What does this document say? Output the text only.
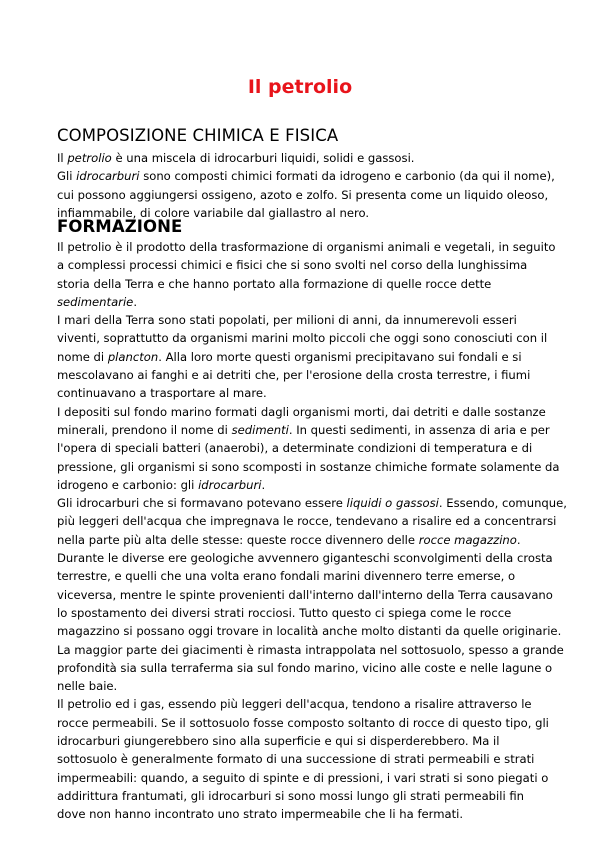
Il petrolio
COMPOSIZIONE CHIMICA E FISICA
Il petrolio è una miscela di idrocarburi liquidi, solidi e gassosi.
Gli idrocarburi sono composti chimici formati da idrogeno e carbonio (da qui il nome),
cui possono aggiungersi ossigeno, azoto e zolfo. Si presenta come un liquido oleoso,
infiammabile, di colore variabile dal giallastro al nero.
FORMAZIONE
Il petrolio è il prodotto della trasformazione di organismi animali e vegetali, in seguito
a complessi processi chimici e fisici che si sono svolti nel corso della lunghissima
storia della Terra e che hanno portato alla formazione di quelle rocce dette
sedimentarie.
I mari della Terra sono stati popolati, per milioni di anni, da innumerevoli esseri
viventi, soprattutto da organismi marini molto piccoli che oggi sono conosciuti con il
nome di plancton. Alla loro morte questi organismi precipitavano sui fondali e si
mescolavano ai fanghi e ai detriti che, per l'erosione della crosta terrestre, i fiumi
continuavano a trasportare al mare.
I depositi sul fondo marino formati dagli organismi morti, dai detriti e dalle sostanze
minerali, prendono il nome di sedimenti. In questi sedimenti, in assenza di aria e per
l'opera di speciali batteri (anaerobi), a determinate condizioni di temperatura e di
pressione, gli organismi si sono scomposti in sostanze chimiche formate solamente da
idrogeno e carbonio: gli idrocarburi.
Gli idrocarburi che si formavano potevano essere liquidi o gassosi. Essendo, comunque,
più leggeri dell'acqua che impregnava le rocce, tendevano a risalire ed a concentrarsi
nella parte più alta delle stesse: queste rocce divennero delle rocce magazzino.
Durante le diverse ere geologiche avvennero giganteschi sconvolgimenti della crosta
terrestre, e quelli che una volta erano fondali marini divennero terre emerse, o
viceversa, mentre le spinte provenienti dall'interno dall'interno della Terra causavano
lo spostamento dei diversi strati rocciosi. Tutto questo ci spiega come le rocce
magazzino si possano oggi trovare in località anche molto distanti da quelle originarie.
La maggior parte dei giacimenti è rimasta intrappolata nel sottosuolo, spesso a grande
profondità sia sulla terraferma sia sul fondo marino, vicino alle coste e nelle lagune o
nelle baie.
Il petrolio ed i gas, essendo più leggeri dell'acqua, tendono a risalire attraverso le
rocce permeabili. Se il sottosuolo fosse composto soltanto di rocce di questo tipo, gli
idrocarburi giungerebbero sino alla superficie e qui si disperderebbero. Ma il
sottosuolo è generalmente formato di una successione di strati permeabili e strati
impermeabili: quando, a seguito di spinte e di pressioni, i vari strati si sono piegati o
addirittura frantumati, gli idrocarburi si sono mossi lungo gli strati permeabili fin
dove non hanno incontrato uno strato impermeabile che li ha fermati.
